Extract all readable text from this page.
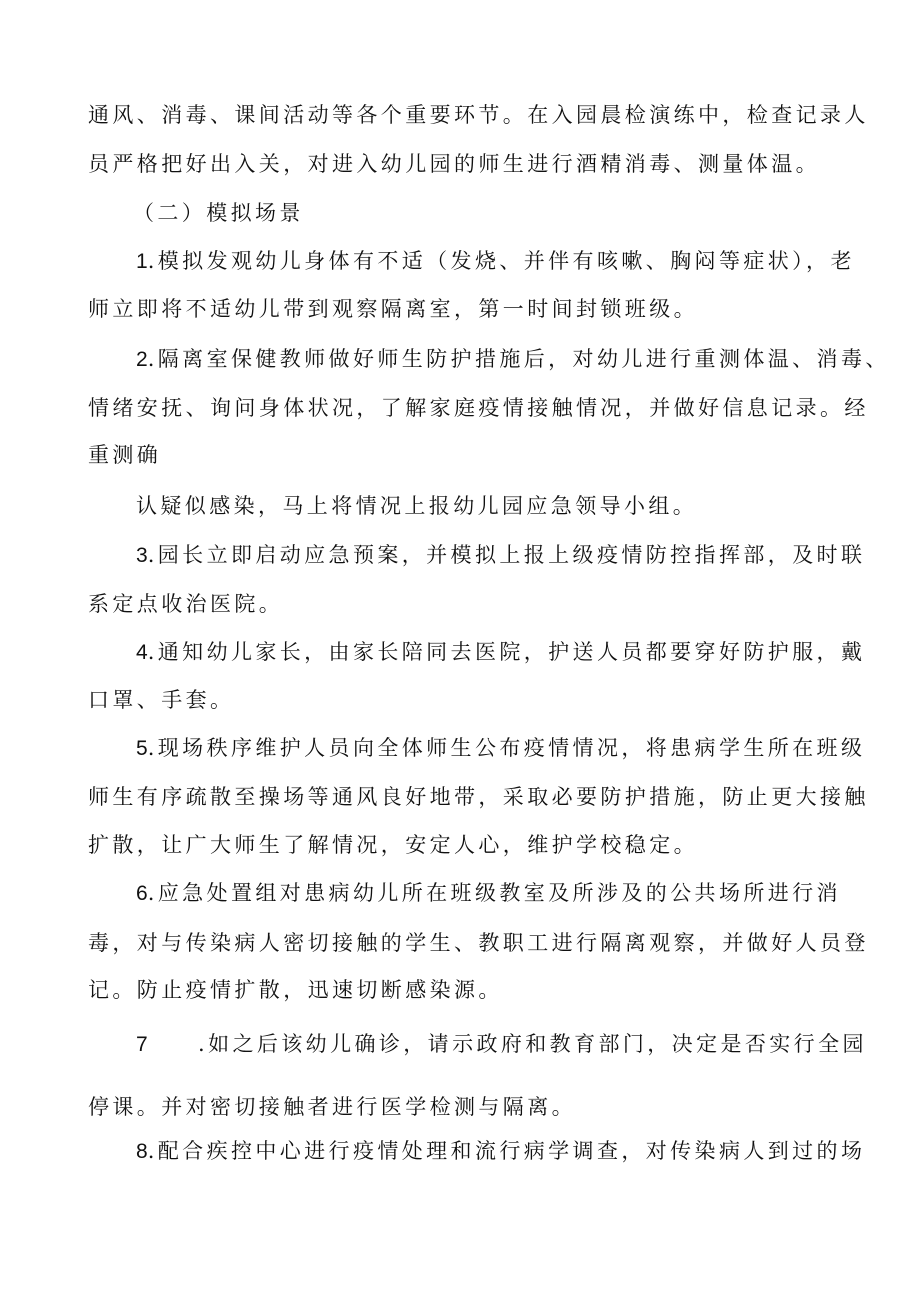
通风、消毒、课间活动等各个重要环节。在入园晨检演练中，检查记录人
员严格把好出入关，对进入幼儿园的师生进行酒精消毒、测量体温。
（二）模拟场景
1.模拟发观幼儿身体有不适（发烧、并伴有咳嗽、胸闷等症状），老
师立即将不适幼儿带到观察隔离室，第一时间封锁班级。
2.隔离室保健教师做好师生防护措施后，对幼儿进行重测体温、消毒、
情绪安抚、询问身体状况，了解家庭疫情接触情况，并做好信息记录。经
重测确
认疑似感染，马上将情况上报幼儿园应急领导小组。
3.园长立即启动应急预案，并模拟上报上级疫情防控指挥部，及时联
系定点收治医院。
4.通知幼儿家长，由家长陪同去医院，护送人员都要穿好防护服，戴
口罩、手套。
5.现场秩序维护人员向全体师生公布疫情情况，将患病学生所在班级
师生有序疏散至操场等通风良好地带，采取必要防护措施，防止更大接触
扩散，让广大师生了解情况，安定人心，维护学校稳定。
6.应急处置组对患病幼儿所在班级教室及所涉及的公共场所进行消
毒，对与传染病人密切接触的学生、教职工进行隔离观察，并做好人员登
记。防止疫情扩散，迅速切断感染源。
7 .如之后该幼儿确诊，请示政府和教育部门，决定是否实行全园
停课。并对密切接触者进行医学检测与隔离。
8.配合疾控中心进行疫情处理和流行病学调查，对传染病人到过的场
